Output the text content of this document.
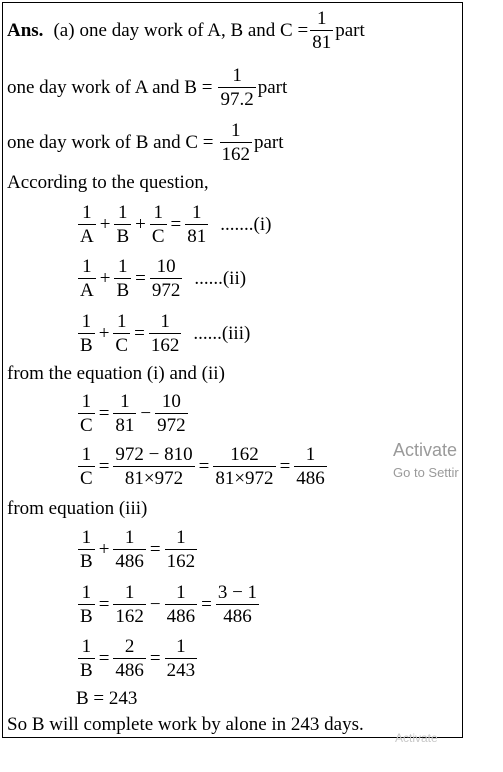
Ans. (a) one day work of A, B and $C = \frac{1}{81}$ part
one day work of A and $B = \frac{1}{97.2}$ part
one day work of B and $C = \frac{1}{162}$ part
According to the question,
$\frac{1}{A} + \frac{1}{B} + \frac{1}{C} = \frac{1}{81} .......(i)$
$\frac{1}{A} + \frac{1}{B} = \frac{10}{972} ......(ii)$
$\frac{1}{B} + \frac{1}{C} = \frac{1}{162} ......(iii)$
from the equation (i) and (ii)
$\frac{1}{C} = \frac{1}{81} - \frac{10}{972}$
$\frac{1}{C} = \frac{972 - 810}{81\times 972} = \frac{162}{81\times 972} = \frac{1}{486}$
from equation (iii)
$\frac{1}{B} + \frac{1}{486} = \frac{1}{162}$
$\frac{1}{B} = \frac{1}{162} - \frac{1}{486} = \frac{3 - 1}{486}$
$\frac{1}{B} = \frac{2}{486} = \frac{1}{243}$
B = 243
So B will complete work by alone in 243 days.
Activate
Go to Settir
Activate
